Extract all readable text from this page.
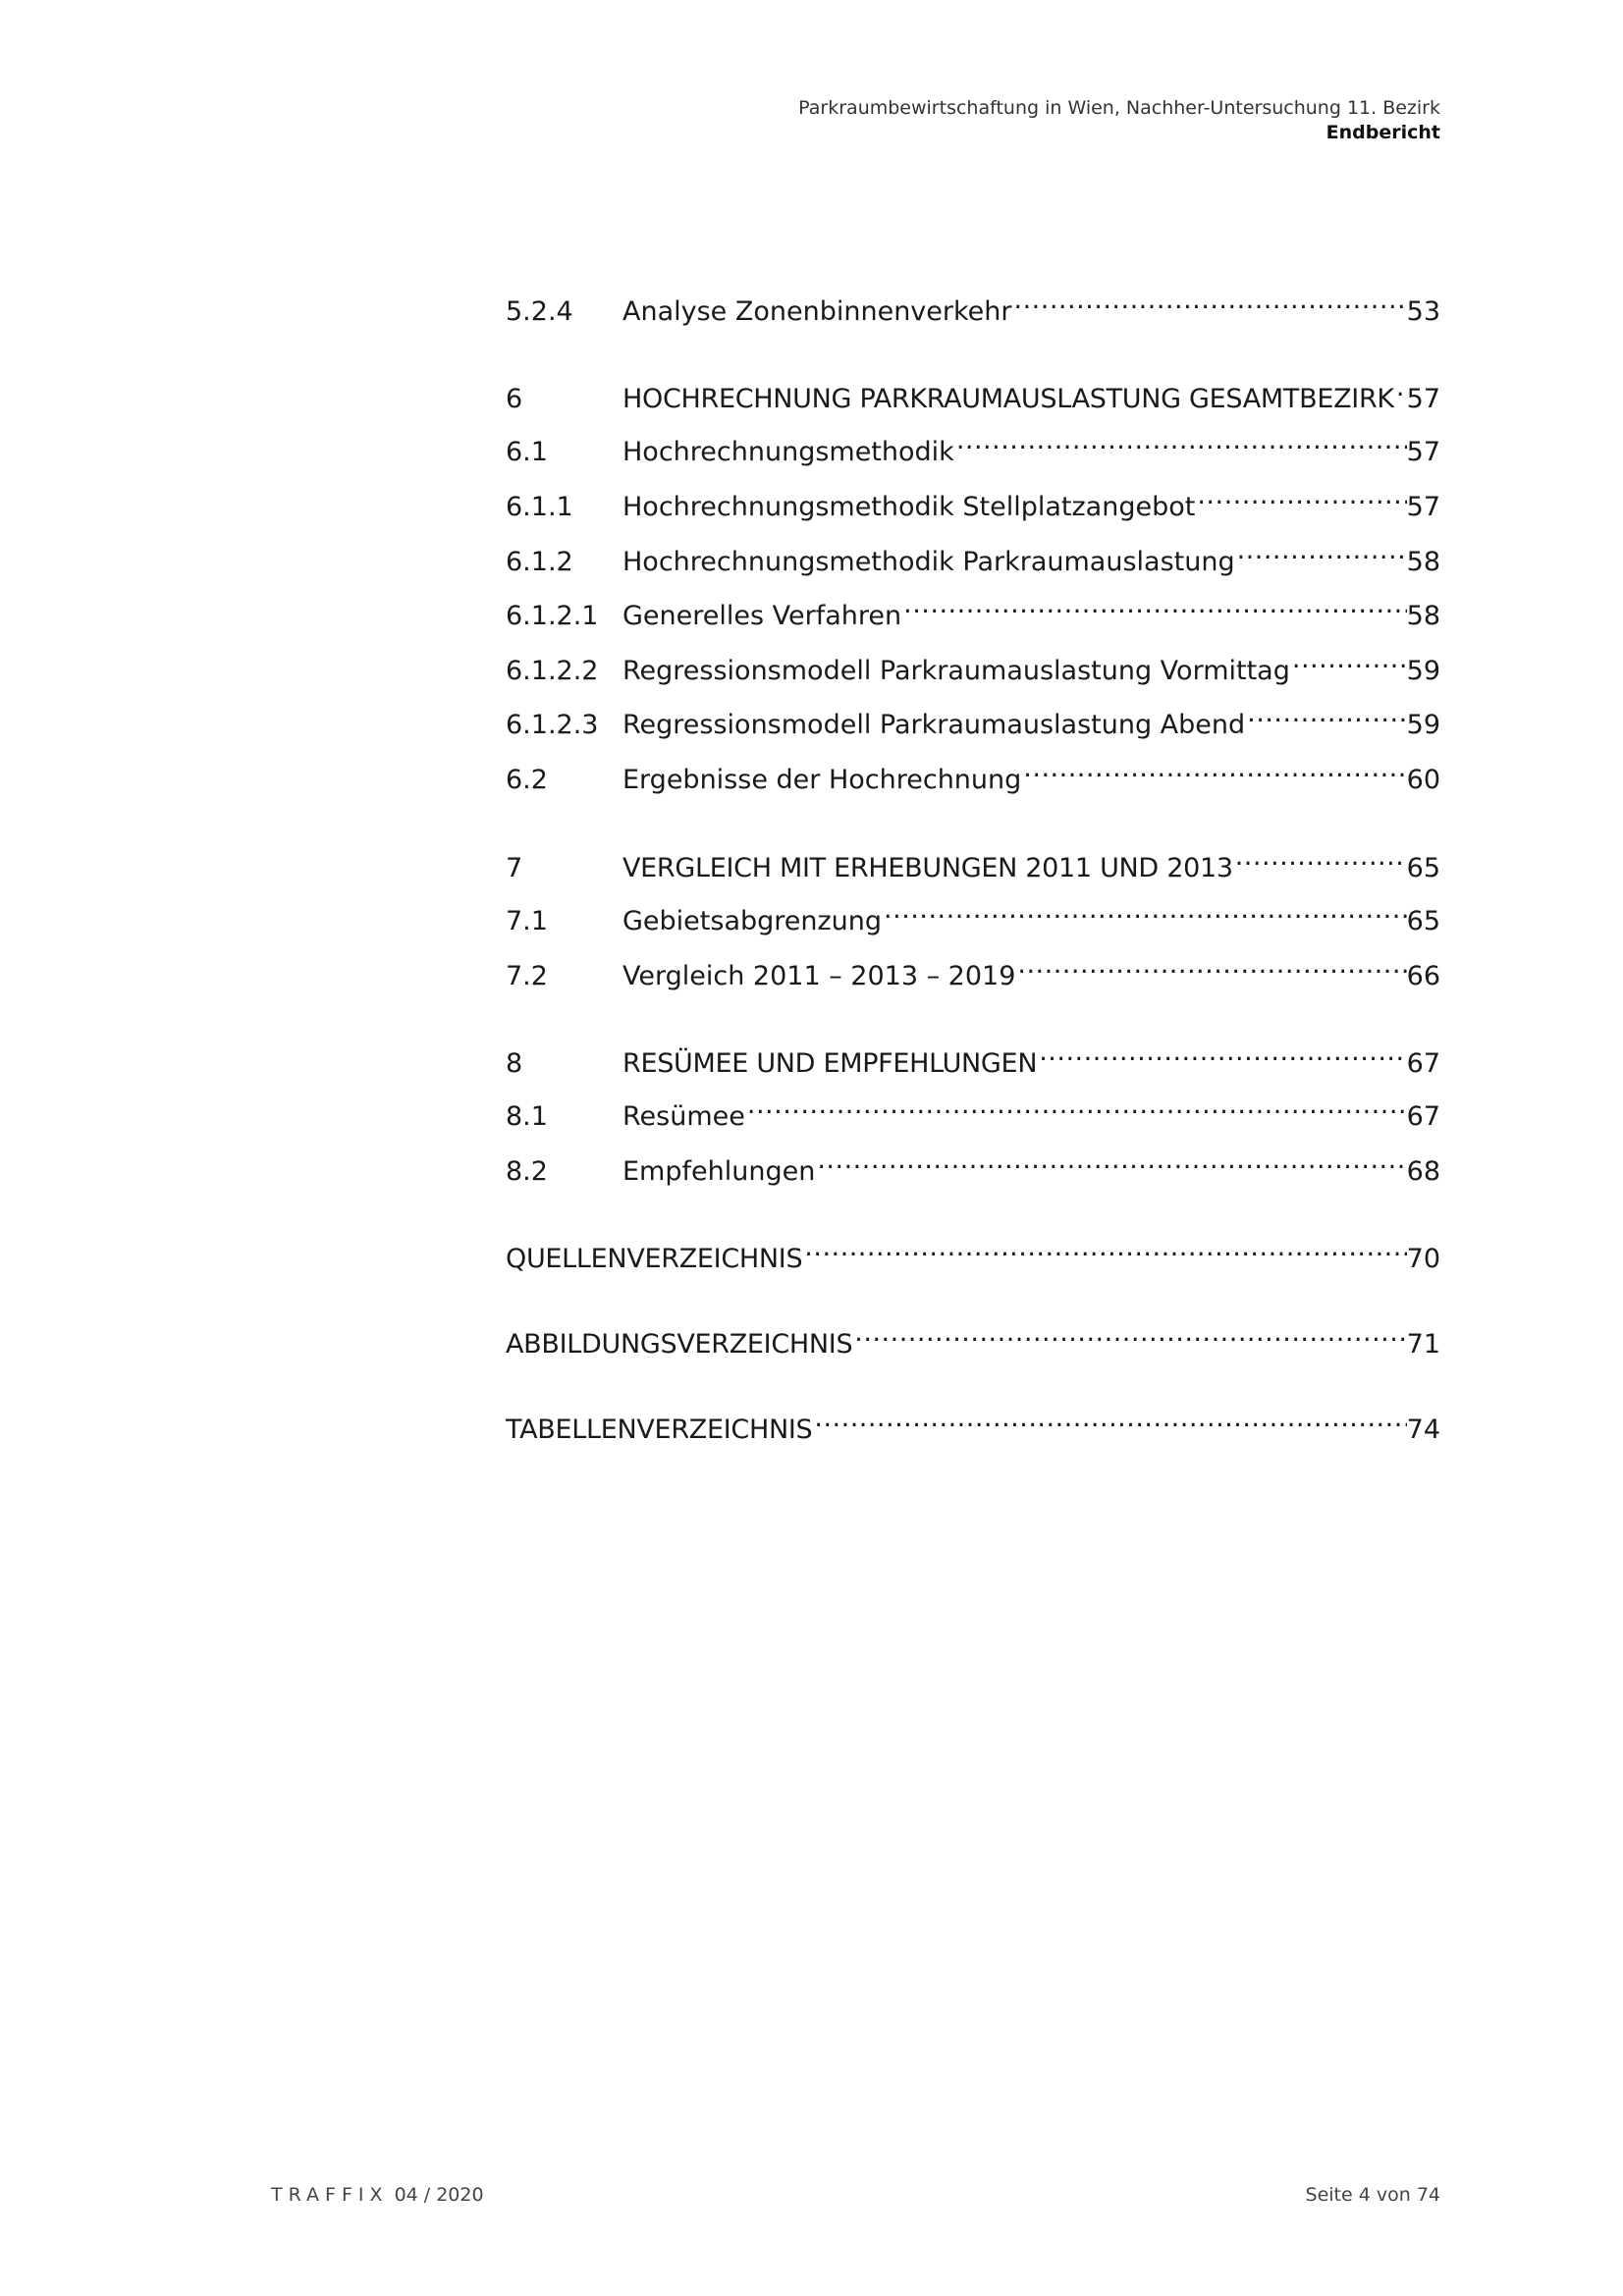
Parkraumbewirtschaftung in Wien, Nachher-Untersuchung 11. Bezirk
Endbericht
5.2.4	Analyse Zonenbinnenverkehr .....	53
6	HOCHRECHNUNG PARKRAUMAUSLASTUNG GESAMTBEZIRK ..... 57
6.1	Hochrechnungsmethodik .....	57
6.1.1	Hochrechnungsmethodik Stellplatzangebot .....	57
6.1.2	Hochrechnungsmethodik Parkraumauslastung .....	58
6.1.2.1 Generelles Verfahren .....	58
6.1.2.2 Regressionsmodell Parkraumauslastung Vormittag .....	59
6.1.2.3 Regressionsmodell Parkraumauslastung Abend .....	59
6.2	Ergebnisse der Hochrechnung .....	60
7	VERGLEICH MIT ERHEBUNGEN 2011 UND 2013 .....	65
7.1	Gebietsabgrenzung .....	65
7.2	Vergleich 2011 – 2013 – 2019 .....	66
8	RESÜMEE UND EMPFEHLUNGEN .....	67
8.1	Resümee .....	67
8.2	Empfehlungen .....	68
QUELLENVERZEICHNIS .....	70
ABBILDUNGSVERZEICHNIS .....	71
TABELLENVERZEICHNIS .....	74
TRAFFIX 04 / 2020	Seite 4 von 74
